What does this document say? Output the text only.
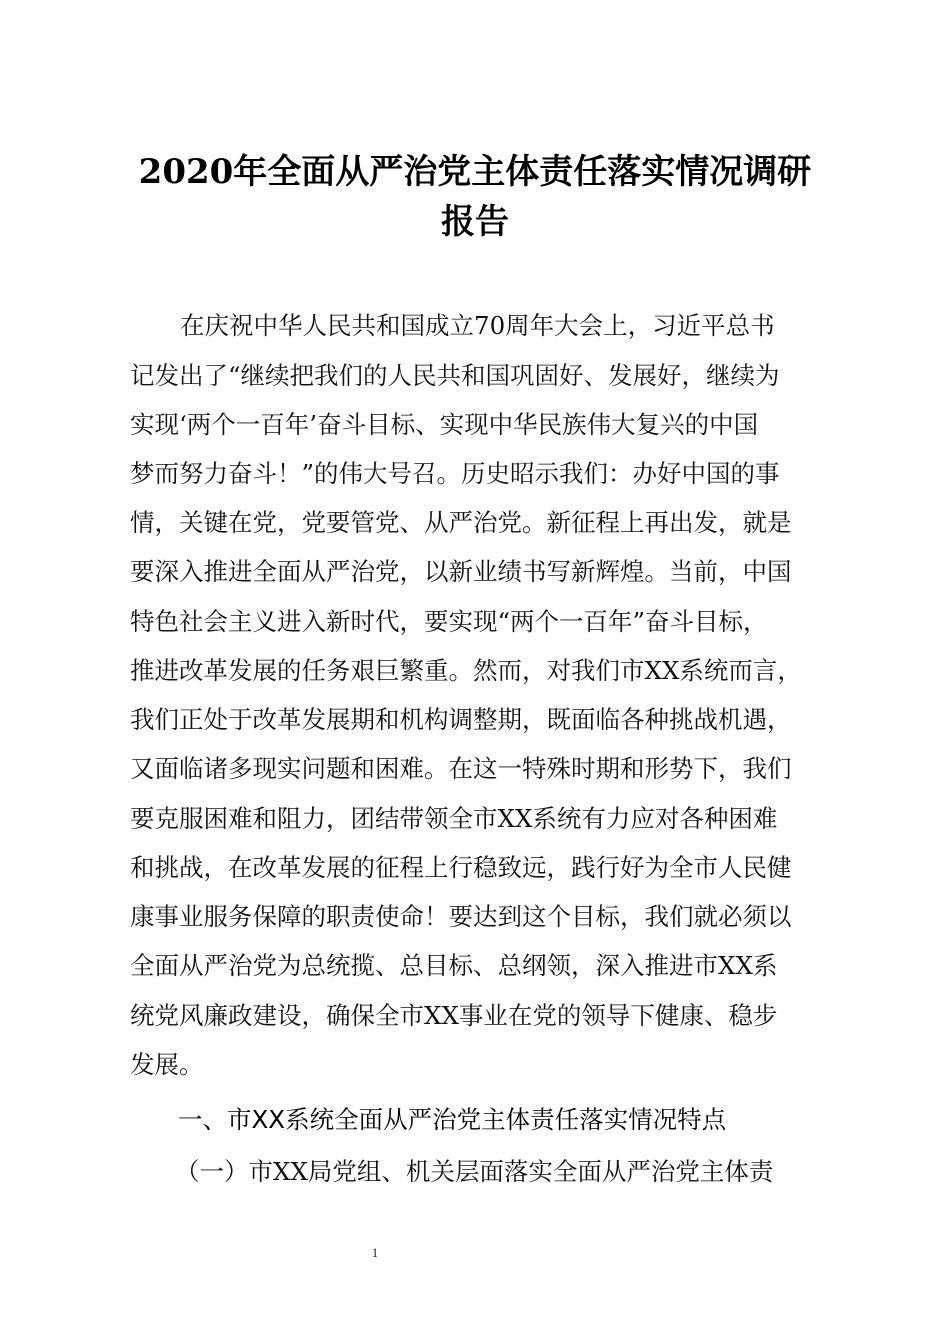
2020年全面从严治党主体责任落实情况调研
报告
在庆祝中华人民共和国成立70周年大会上，习近平总书
记发出了“继续把我们的人民共和国巩固好、发展好，继续为
实现‘两个一百年’奋斗目标、实现中华民族伟大复兴的中国
梦而努力奋斗！”的伟大号召。历史昭示我们：办好中国的事
情，关键在党，党要管党、从严治党。新征程上再出发，就是
要深入推进全面从严治党，以新业绩书写新辉煌。当前，中国
特色社会主义进入新时代，要实现“两个一百年”奋斗目标，
推进改革发展的任务艰巨繁重。然而，对我们市XX系统而言，
我们正处于改革发展期和机构调整期，既面临各种挑战机遇，
又面临诸多现实问题和困难。在这一特殊时期和形势下，我们
要克服困难和阻力，团结带领全市XX系统有力应对各种困难
和挑战，在改革发展的征程上行稳致远，践行好为全市人民健
康事业服务保障的职责使命！要达到这个目标，我们就必须以
全面从严治党为总统揽、总目标、总纲领，深入推进市XX系
统党风廉政建设，确保全市XX事业在党的领导下健康、稳步
发展。
一、市XX系统全面从严治党主体责任落实情况特点
（一）市XX局党组、机关层面落实全面从严治党主体责
1
